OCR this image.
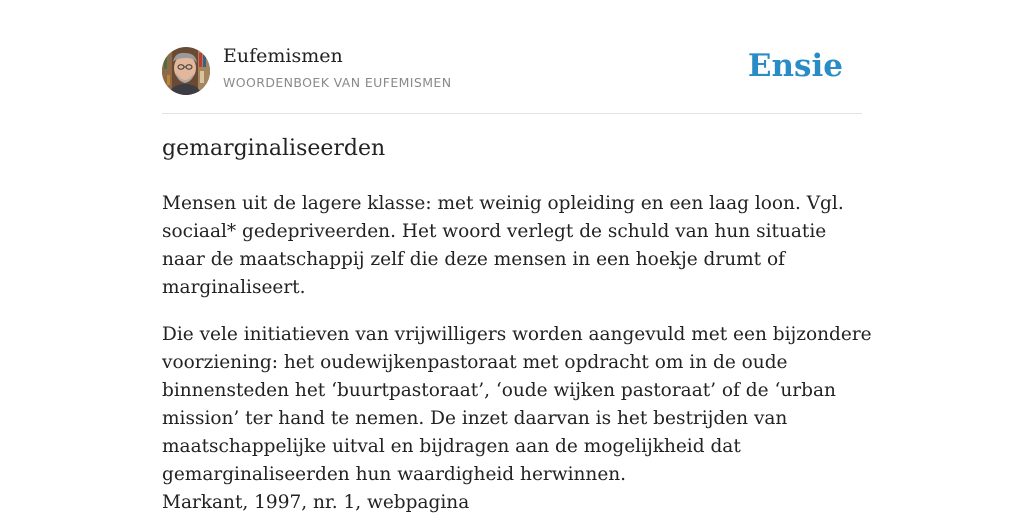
Eufemismen
WOORDENBOEK VAN EUFEMISMEN	Ensie
gemarginaliseerden

Mensen uit de lagere klasse: met weinig opleiding en een laag loon. Vgl. sociaal* gedepriveerden. Het woord verlegt de schuld van hun situatie naar de maatschappij zelf die deze mensen in een hoekje drumt of marginaliseert.

Die vele initiatieven van vrijwilligers worden aangevuld met een bijzondere voorziening: het oudewijkenpastoraat met opdracht om in de oude binnensteden het ‘buurtpastoraat’, ‘oude wijken pastoraat’ of de ‘urban mission’ ter hand te nemen. De inzet daarvan is het bestrijden van maatschappelijke uitval en bijdragen aan de mogelijkheid dat gemarginaliseerden hun waardigheid herwinnen.

Markant, 1997, nr. 1, webpagina
